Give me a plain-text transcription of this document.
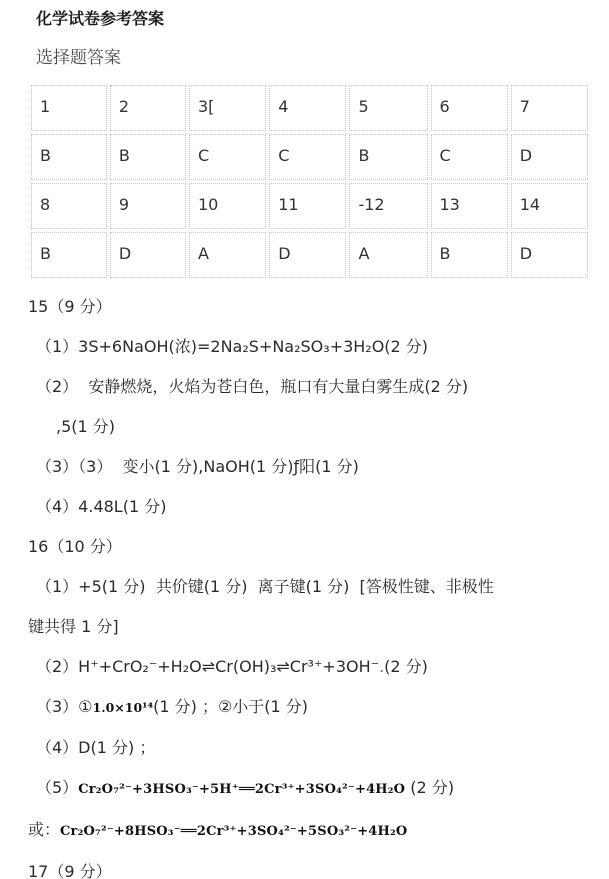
化学试卷参考答案
选择题答案
1	2	3[	4	5	6	7
B	B	C	C	B	C	D
8	9	10	11	-12	13	14
B	D	A	D	A	B	D

15（9 分）

（1）3S+6NaOH(浓)=2Na₂S+Na₂SO₃+3H₂O(2 分)

（2）  安静燃烧，火焰为苍白色，瓶口有大量白雾生成(2 分)

,5(1 分)

（3）（3）  变小(1 分),NaOH(1 分)ƒ阳(1 分)

（4）4.48L(1 分)

16（10 分）

（1）+5(1 分)  共价键(1 分)  离子键(1 分)  [答极性键、非极性

键共得 1 分]

（2）H⁺+CrO₂⁻+H₂O⇌Cr(OH)₃⇌Cr³⁺+3OH⁻.(2 分)

（3）①1.0×10¹⁴(1 分) ；②小于(1 分)

（4）D(1 分) ；

（5）Cr₂O₇²⁻+3HSO₃⁻+5H⁺══2Cr³⁺+3SO₄²⁻+4H₂O (2 分)

或：Cr₂O₇²⁻+8HSO₃⁻══2Cr³⁺+3SO₄²⁻+5SO₃²⁻+4H₂O

17（9 分）
